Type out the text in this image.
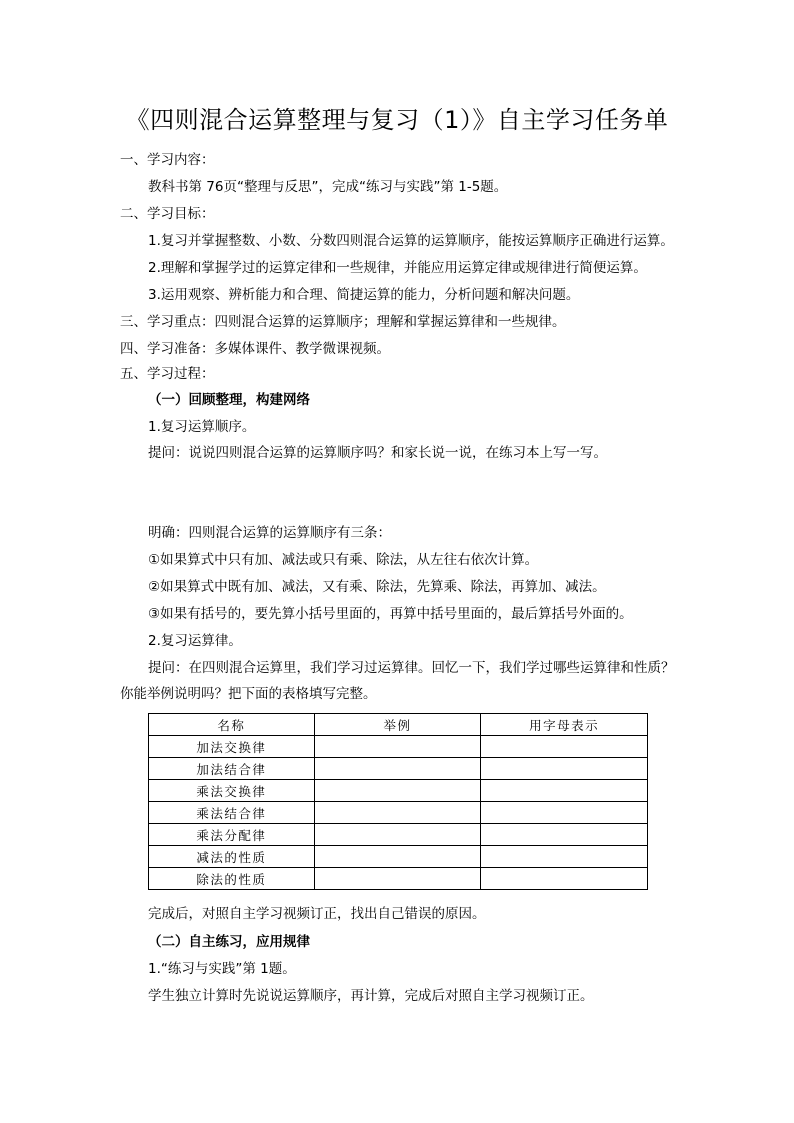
《四则混合运算整理与复习（1）》自主学习任务单
一、学习内容：
教科书第 76页“整理与反思”，完成“练习与实践”第 1-5题。
二、学习目标：
1.复习并掌握整数、小数、分数四则混合运算的运算顺序，能按运算顺序正确进行运算。
2.理解和掌握学过的运算定律和一些规律，并能应用运算定律或规律进行简便运算。
3.运用观察、辨析能力和合理、简捷运算的能力，分析问题和解决问题。
三、学习重点：四则混合运算的运算顺序；理解和掌握运算律和一些规律。
四、学习准备：多媒体课件、教学微课视频。
五、学习过程：
（一）回顾整理，构建网络
1.复习运算顺序。
提问：说说四则混合运算的运算顺序吗？和家长说一说，在练习本上写一写。
明确：四则混合运算的运算顺序有三条：
①如果算式中只有加、减法或只有乘、除法，从左往右依次计算。
②如果算式中既有加、减法，又有乘、除法，先算乘、除法，再算加、减法。
③如果有括号的，要先算小括号里面的，再算中括号里面的，最后算括号外面的。
2.复习运算律。
提问：在四则混合运算里，我们学习过运算律。回忆一下，我们学过哪些运算律和性质？
你能举例说明吗？把下面的表格填写完整。
名称	举例	用字母表示
加法交换律		
加法结合律		
乘法交换律		
乘法结合律		
乘法分配律		
减法的性质		
除法的性质		
完成后，对照自主学习视频订正，找出自己错误的原因。
（二）自主练习，应用规律
1.“练习与实践”第 1题。
学生独立计算时先说说运算顺序，再计算，完成后对照自主学习视频订正。
